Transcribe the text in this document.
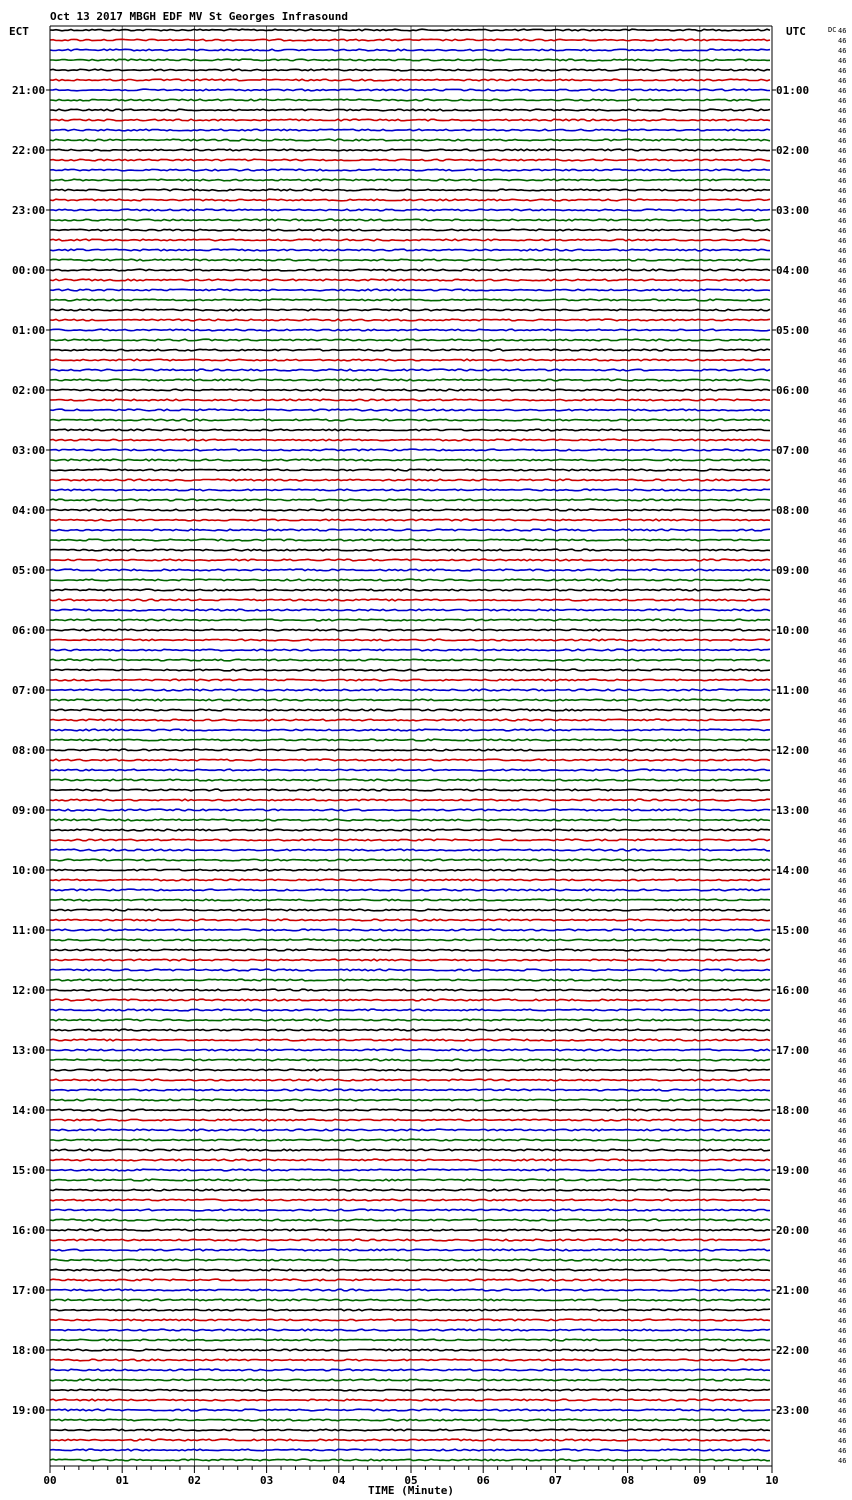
Oct 13 2017 MBGH EDF MV St Georges Infrasound
ECT	UTC	DC
TIME (Minute)
46
46
46
46
46
46
46
46
46
46
46
46
46
46
46
46
46
46
46
46
46
46
46
46
46
46
46
46
46
46
46
46
46
46
46
46
46
46
46
46
46
46
46
46
46
46
46
46
46
46
46
46
46
46
46
46
46
46
46
46
46
46
46
46
46
46
46
46
46
46
46
46
46
46
46
46
46
46
46
46
46
46
46
46
46
46
46
46
46
46
46
46
46
46
46
46
46
46
46
46
46
46
46
46
46
46
46
46
46
46
46
46
46
46
46
46
46
46
46
46
46
46
46
46
46
46
46
46
46
46
46
46
46
46
46
46
46
46
46
46
46
46
46
46
00	01	02	03	04	05	06	07	08	09	10
21:00
22:00
23:00
00:00
01:00
02:00
03:00
04:00
05:00
06:00
07:00
08:00
09:00
10:00
11:00
12:00
13:00
14:00
15:00
16:00
17:00
18:00
19:00
01:00
02:00
03:00
04:00
05:00
06:00
07:00
08:00
09:00
10:00
11:00
12:00
13:00
14:00
15:00
16:00
17:00
18:00
19:00
20:00
21:00
22:00
23:00
